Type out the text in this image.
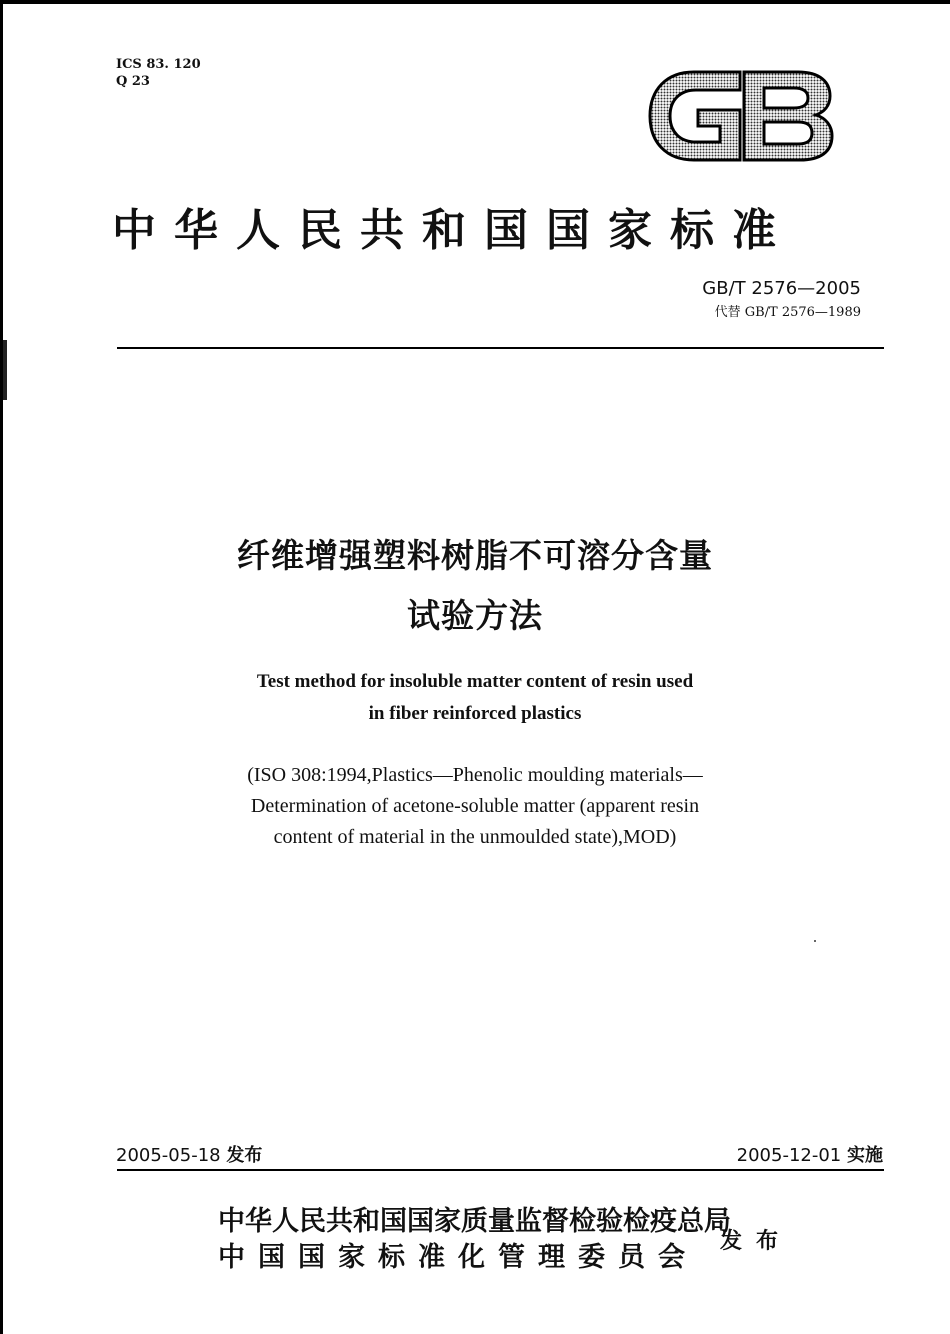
ICS 83. 120
Q 23
中华人民共和国国家标准
GB/T 2576—2005
代替 GB/T 2576—1989
纤维增强塑料树脂不可溶分含量
试验方法
Test method for insoluble matter content of resin used
in fiber reinforced plastics
(ISO 308:1994,Plastics—Phenolic moulding materials—
Determination of acetone-soluble matter (apparent resin
content of material in the unmoulded state),MOD)
2005-05-18 发布	2005-12-01 实施
中华人民共和国国家质量监督检验检疫总局
中国国家标准化管理委员会
发布
